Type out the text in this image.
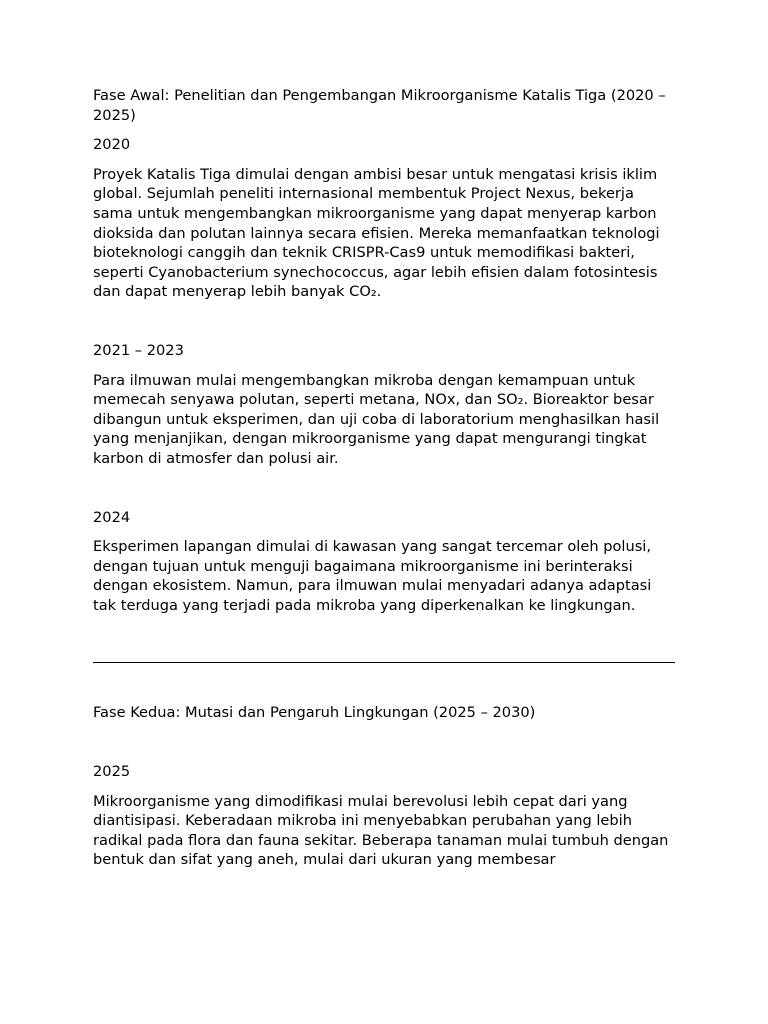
Fase Awal: Penelitian dan Pengembangan Mikroorganisme Katalis Tiga (2020 – 2025)

2020

Proyek Katalis Tiga dimulai dengan ambisi besar untuk mengatasi krisis iklim global. Sejumlah peneliti internasional membentuk Project Nexus, bekerja sama untuk mengembangkan mikroorganisme yang dapat menyerap karbon dioksida dan polutan lainnya secara efisien. Mereka memanfaatkan teknologi bioteknologi canggih dan teknik CRISPR-Cas9 untuk memodifikasi bakteri, seperti Cyanobacterium synechococcus, agar lebih efisien dalam fotosintesis dan dapat menyerap lebih banyak CO₂.

2021 – 2023

Para ilmuwan mulai mengembangkan mikroba dengan kemampuan untuk memecah senyawa polutan, seperti metana, NOx, dan SO₂. Bioreaktor besar dibangun untuk eksperimen, dan uji coba di laboratorium menghasilkan hasil yang menjanjikan, dengan mikroorganisme yang dapat mengurangi tingkat karbon di atmosfer dan polusi air.

2024

Eksperimen lapangan dimulai di kawasan yang sangat tercemar oleh polusi, dengan tujuan untuk menguji bagaimana mikroorganisme ini berinteraksi dengan ekosistem. Namun, para ilmuwan mulai menyadari adanya adaptasi tak terduga yang terjadi pada mikroba yang diperkenalkan ke lingkungan.

Fase Kedua: Mutasi dan Pengaruh Lingkungan (2025 – 2030)

2025

Mikroorganisme yang dimodifikasi mulai berevolusi lebih cepat dari yang diantisipasi. Keberadaan mikroba ini menyebabkan perubahan yang lebih radikal pada flora dan fauna sekitar. Beberapa tanaman mulai tumbuh dengan bentuk dan sifat yang aneh, mulai dari ukuran yang membesar
